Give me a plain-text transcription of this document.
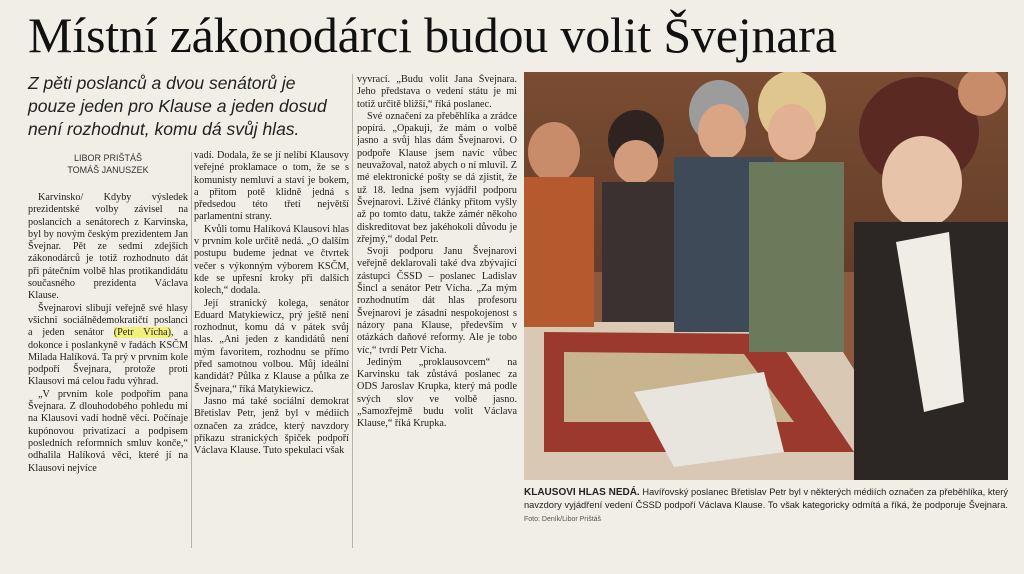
Místní zákonodárci budou volit Švejnara
Z pěti poslanců a dvou senátorů je pouze jeden pro Klause a jeden dosud není rozhodnut, komu dá svůj hlas.
LIBOR PRIŠTÁŠ
TOMÁŠ JANUSZEK

Karvinsko/ Kdyby výsledek prezidentské volby závisel na poslancích a senátorech z Karvinska, byl by novým českým prezidentem Jan Švejnar. Pět ze sedmi zdejších zákonodárců je totiž rozhodnuto dát při pátečním volbě hlas protikandidátu současného prezidenta Václava Klause.

Švejnarovi slibují veřejně své hlasy všichni sociálnědemokratičtí poslanci a jeden senátor (Petr Vícha), a dokonce i poslankyně v řadách KSČM Milada Halíková. Ta prý v prvním kole podpoří Švejnara, protože proti Klausovi má celou řadu výhrad.

„V prvním kole podpořím pana Švejnara. Z dlouhodobého pohledu mi na Klausovi vadí hodně věcí. Počínaje kupónovou privatizací a podpisem posledních reformních smluv konče,“ odhalila Halíková věci, které jí na Klausovi nejvíce

vadí. Dodala, že se jí nelíbí Klausovy veřejné proklamace o tom, že se s komunisty nemluví a staví je bokem, a přitom potě klidně jedná s předsedou této třetí největší parlamentní strany.

Kvůli tomu Halíková Klausovi hlas v prvním kole určitě nedá. „O dalším postupu budeme jednat ve čtvrtek večer s výkonným výborem KSČM, kde se upřesní kroky při dalších kolech,“ dodala.

Její stranický kolega, senátor Eduard Matykiewicz, prý ještě není rozhodnut, komu dá v pátek svůj hlas. „Ani jeden z kandidátů není mým favoritem, rozhodnu se přímo před samotnou volbou. Můj ideální kandidát? Půlka z Klause a půlka ze Švejnara,“ říká Matykiewicz.

Jasno má také sociální demokrat Břetislav Petr, jenž byl v médiích označen za zrádce, který navzdory příkazu stranických špiček podpoří Václava Klause. Tuto spekulaci však

vyvrací. „Budu volit Jana Švejnara. Jeho představa o vedení státu je mi totiž určitě bližší,“ říká poslanec.

Své označení za přeběhlíka a zrádce popírá. „Opakuji, že mám o volbě jasno a svůj hlas dám Švejnarovi. O podpoře Klause jsem navíc vůbec neuvažoval, natož abych o ní mluvil. Z mé elektronické pošty se dá zjistit, že už 18. ledna jsem vyjádřil podporu Švejnarovi. Lživé články přitom vyšly až po tomto datu, takže zámér někoho diskreditovat bez jakéhokoli důvodu je zřejmý,“ dodal Petr.

Svoji podporu Janu Švejnarovi veřejně deklarovali také dva zbývající zástupci ČSSD – poslanec Ladislav Šincl a senátor Petr Vícha. „Za mým rozhodnutím dát hlas profesoru Švejnarovi je zásadní nespokojenost s názory pana Klause, především v otázkách daňové reformy. Ale je tobo víc,“ tvrdí Petr Vícha.

Jediným „proklausovcem“ na Karvinsku tak zůstává poslanec za ODS Jaroslav Krupka, který má podle svých slov ve volbě jasno. „Samozřejmě budu volit Václava Klause,“ říká Krupka.

KLAUSOVI HLAS NEDÁ. Havířovský poslanec Břetislav Petr byl v některých médiích označen za přeběhlíka, který navzdory vyjádření vedení ČSSD podpoří Václava Klause. To však kategoricky odmítá a říká, že podporuje Švejnara. Foto: Deník/Libor Prištáš
